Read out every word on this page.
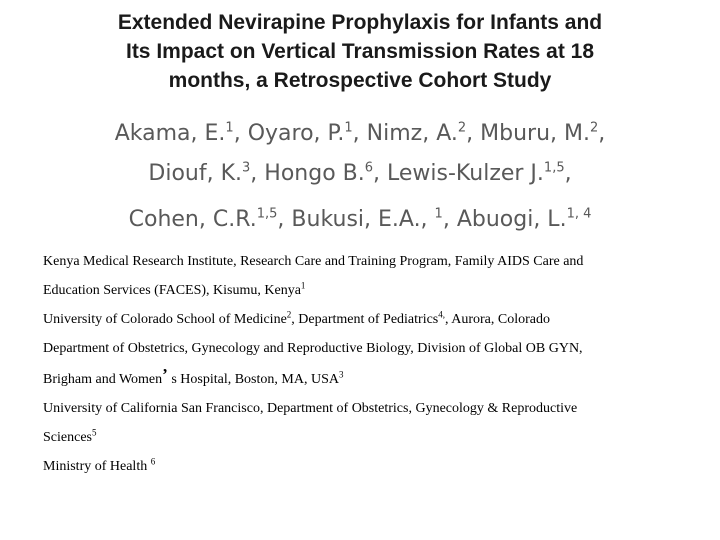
Extended Nevirapine Prophylaxis for Infants and
Its Impact on Vertical Transmission Rates at 18
months, a Retrospective Cohort Study
Akama, E.$^1$, Oyaro, P.$^1$, Nimz, A.$^2$, Mburu, M.$^2$,
Diouf, K.$^3$, Hongo B.$^6$, Lewis-Kulzer J.$^{1,5}$,
Cohen, C.R.$^{1,5}$, Bukusi, E.A., $^1$, Abuogi, L.$^{1, 4}$
Kenya Medical Research Institute, Research Care and Training Program, Family AIDS Care and
Education Services (FACES), Kisumu, Kenya$^1$
University of Colorado School of Medicine$^2$, Department of Pediatrics$^{4,}$, Aurora, Colorado
Department of Obstetrics, Gynecology and Reproductive Biology, Division of Global OB GYN,
Brigham and Women’ s Hospital, Boston, MA, USA$^3$
University of California San Francisco, Department of Obstetrics, Gynecology & Reproductive
Sciences$^5$
Ministry of Health $^6$
